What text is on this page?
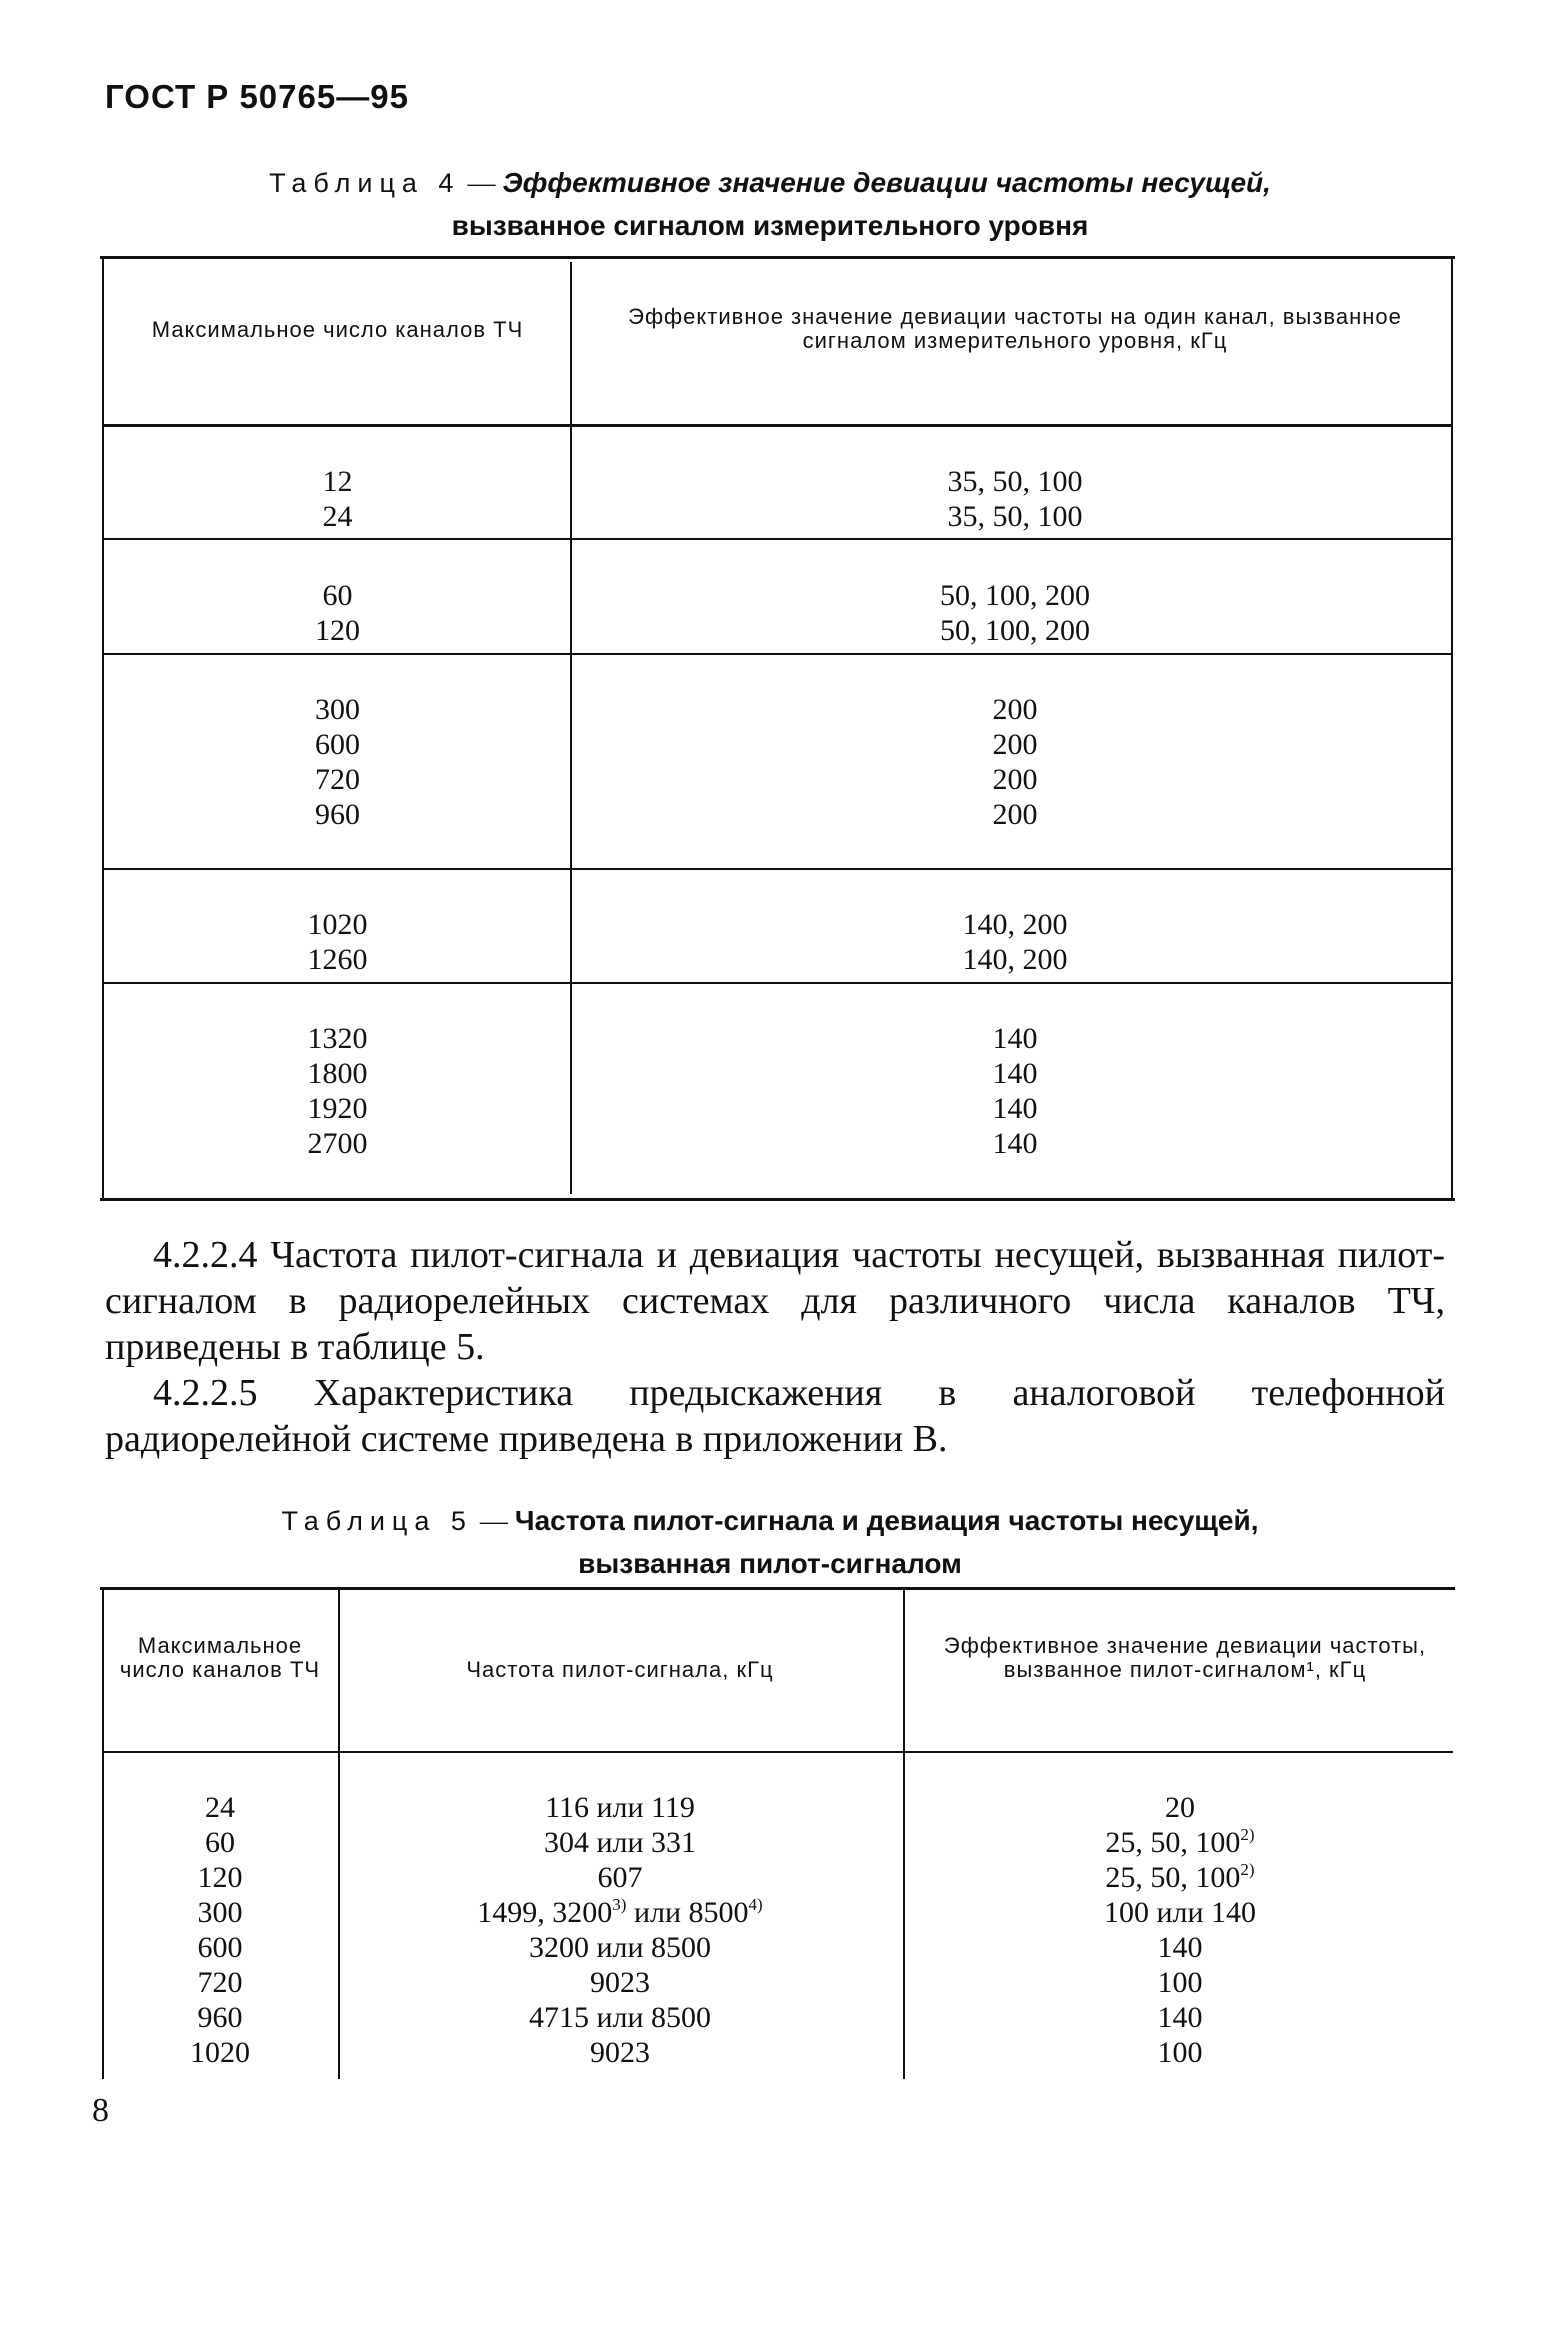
ГОСТ Р 50765—95
Таблица 4 — Эффективное значение девиации частоты несущей,
вызванное сигналом измерительного уровня
Максимальное число каналов ТЧ
Эффективное значение девиации частоты на один канал, вызванное сигналом измерительного уровня, кГц
12
24
35, 50, 100
35, 50, 100
60
120
50, 100, 200
50, 100, 200
300
600
720
960
200
200
200
200
1020
1260
140, 200
140, 200
1320
1800
1920
2700
140
140
140
140

4.2.2.4 Частота пилот-сигнала и девиация частоты несущей, вызванная пилот-сигналом в радиорелейных системах для различного числа каналов ТЧ, приведены в таблице 5.

4.2.2.5 Характеристика предыскажения в аналоговой телефонной радиорелейной системе приведена в приложении В.

Таблица 5 — Частота пилот-сигнала и девиация частоты несущей,
вызванная пилот-сигналом
Максимальное число каналов ТЧ	Частота пилот-сигнала, кГц
Эффективное значение девиации частоты, вызванное пилот-сигналом¹, кГц
24
60
120
300
600
720
960
1020
116 или 119
304 или 331
607
1499, 3200$^{3)}$ или 8500$^{4)}$
3200 или 8500
9023
4715 или 8500
9023
20
25, 50, 100$^{2)}$
25, 50, 100$^{2)}$
100 или 140
140
100
140
100
8
